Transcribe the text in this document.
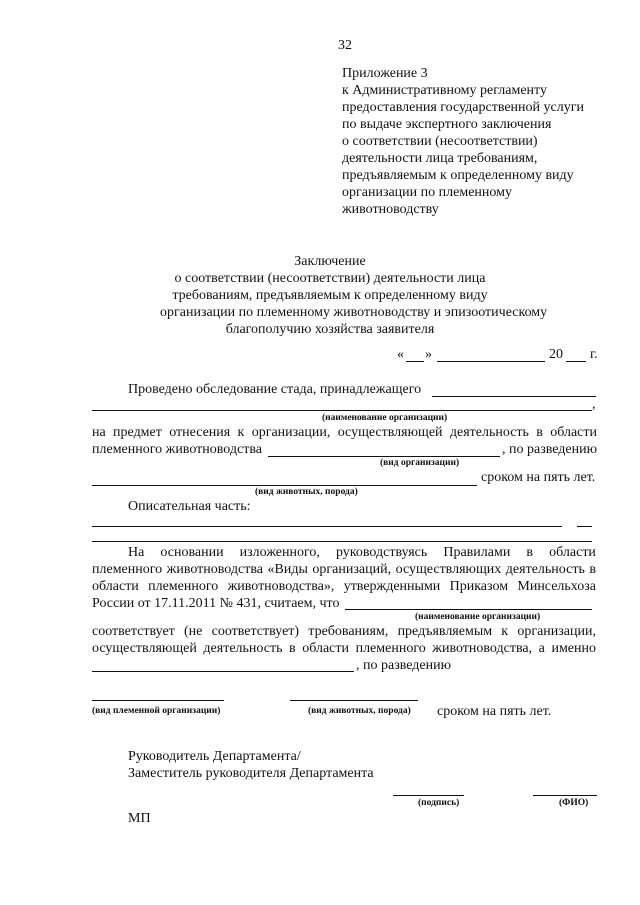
32
Приложение 3
к Административному регламенту
предоставления государственной услуги
по выдаче экспертного заключения
о соответствии (несоответствии)
деятельности лица требованиям,
предъявляемым к определенному виду
организации по племенному
животноводству
Заключение
о соответствии (несоответствии) деятельности лица
требованиям, предъявляемым к определенному виду
организации по племенному животноводству и эпизоотическому
благополучию хозяйства заявителя
« »	20 г.
Проведено обследование стада, принадлежащего
,
(наименование организации)
на предмет отнесения к организации, осуществляющей деятельность в области
племенного животноводства	, по разведению
(вид организации)
сроком на пять лет.
(вид животных, порода)
Описательная часть:
На основании изложенного, руководствуясь Правилами в области
племенного животноводства «Виды организаций, осуществляющих деятельность в
области племенного животноводства», утвержденными Приказом Минсельхоза
России от 17.11.2011 № 431, считаем, что
(наименование организации)
соответствует (не соответствует) требованиям, предъявляемым к организации,
осуществляющей деятельность в области племенного животноводства, а именно
, по разведению
(вид племенной организации)	(вид животных, порода) сроком на пять лет.
Руководитель Департамента/
Заместитель руководителя Департамента
(подпись)	(ФИО)
МП
